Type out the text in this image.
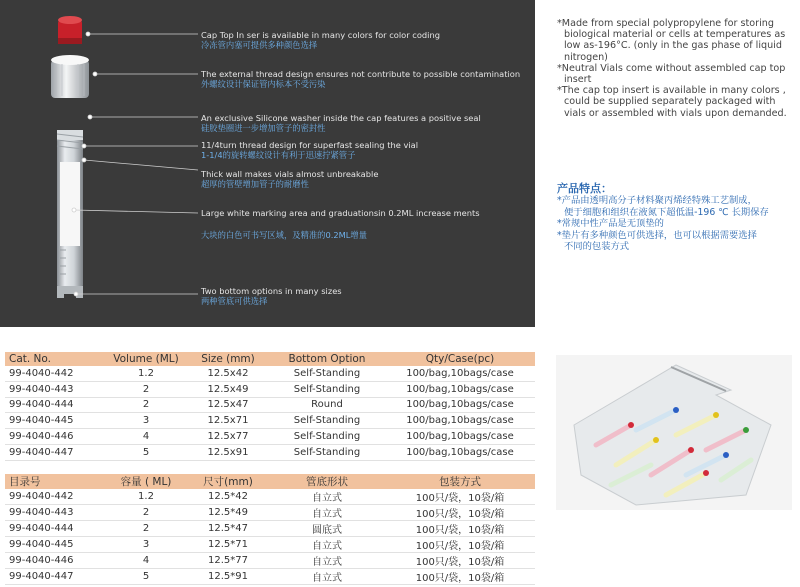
Cap Top In ser is available in many colors for color coding
冷冻管内塞可提供多种颜色选择
The external thread design ensures not contribute to possible contamination
外螺纹设计保证管内标本不受污染
An exclusive Silicone washer inside the cap features a positive seal
硅胶垫圈进一步增加管子的密封性
11/4turn thread design for superfast sealing the vial
1-1/4的旋转螺纹设计有利于迅速拧紧管子
Thick wall makes vials almost unbreakable
超厚的管壁增加管子的耐磨性
Large white marking area and graduationsin 0.2ML increase ments
大块的白色可书写区域，及精准的0.2ML增量
Two bottom options in many sizes
两种管底可供选择

*Made from special polypropylene for storing biological material or cells at temperatures as low as-196°C. (only in the gas phase of liquid nitrogen)

*Neutral Vials come without assembled cap top insert

*The cap top insert is available in many colors , could be supplied separately packaged with vials or assembled with vials upon demanded.

产品特点：

*产品由透明高分子材料聚丙烯经特殊工艺制成，

便于细胞和组织在液氮下超低温-196 ℃ 长期保存

*常规中性产品是无顶垫的

*垫片有多种颜色可供选择，也可以根据需要选择

不同的包装方式

Cat. No.	Volume (ML)	Size (mm)	Bottom Option	Qty/Case(pc)
99-4040-442	1.2	12.5x42	Self-Standing	100/bag,10bags/case
99-4040-443	2	12.5x49	Self-Standing	100/bag,10bags/case
99-4040-444	2	12.5x47	Round	100/bag,10bags/case
99-4040-445	3	12.5x71	Self-Standing	100/bag,10bags/case
99-4040-446	4	12.5x77	Self-Standing	100/bag,10bags/case
99-4040-447	5	12.5x91	Self-Standing	100/bag,10bags/case
目录号	容量 ( ML)	尺寸(mm)	管底形状	包装方式
99-4040-442	1.2	12.5*42	自立式	100只/袋，10袋/箱
99-4040-443	2	12.5*49	自立式	100只/袋，10袋/箱
99-4040-444	2	12.5*47	圆底式	100只/袋，10袋/箱
99-4040-445	3	12.5*71	自立式	100只/袋，10袋/箱
99-4040-446	4	12.5*77	自立式	100只/袋，10袋/箱
99-4040-447	5	12.5*91	自立式	100只/袋，10袋/箱
